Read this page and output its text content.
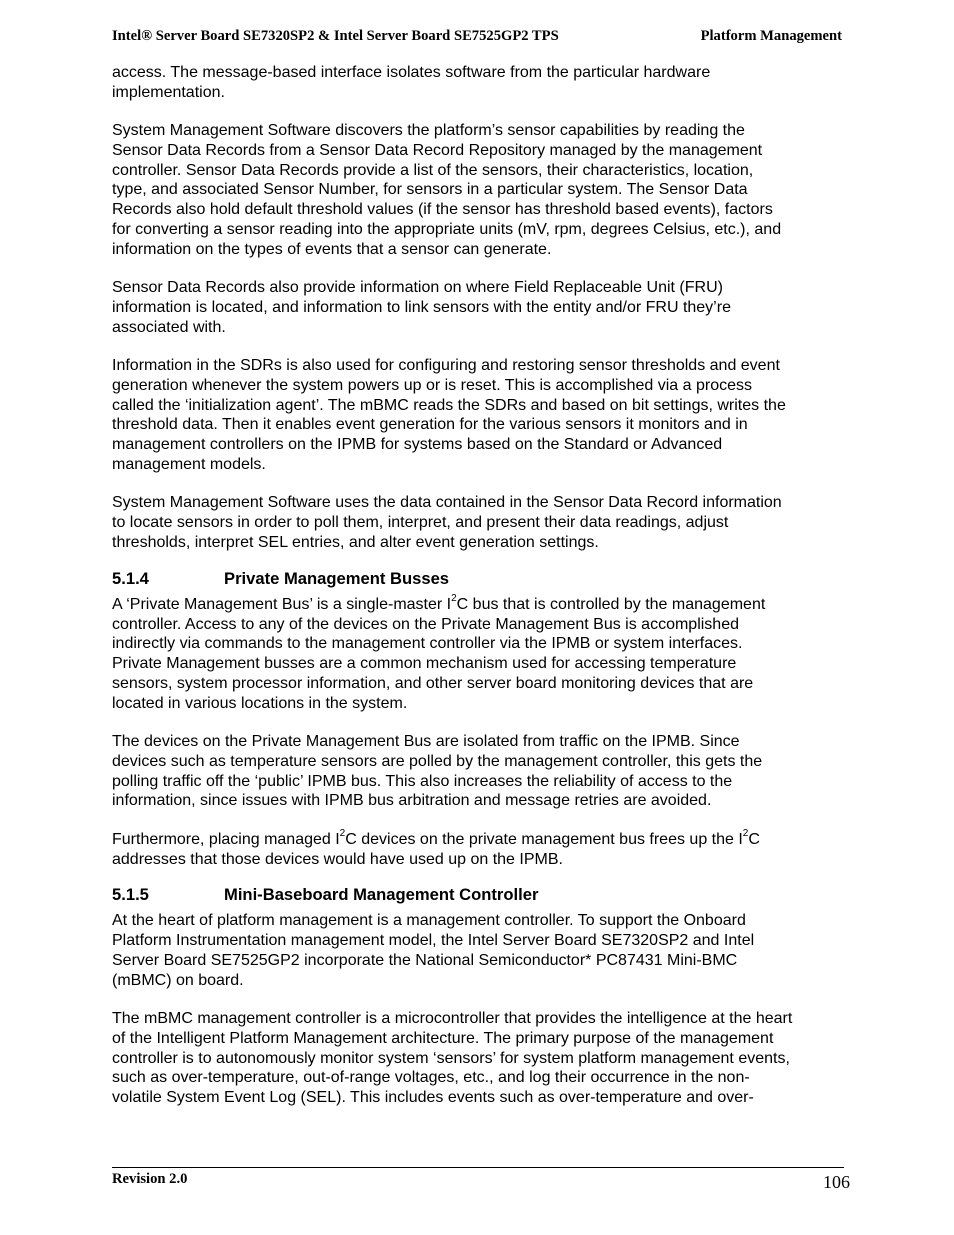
Intel® Server Board SE7320SP2 & Intel Server Board SE7525GP2 TPS	Platform Management

access. The message-based interface isolates software from the particular hardware
implementation.

System Management Software discovers the platform’s sensor capabilities by reading the
Sensor Data Records from a Sensor Data Record Repository managed by the management
controller. Sensor Data Records provide a list of the sensors, their characteristics, location,
type, and associated Sensor Number, for sensors in a particular system. The Sensor Data
Records also hold default threshold values (if the sensor has threshold based events), factors
for converting a sensor reading into the appropriate units (mV, rpm, degrees Celsius, etc.), and
information on the types of events that a sensor can generate.

Sensor Data Records also provide information on where Field Replaceable Unit (FRU)
information is located, and information to link sensors with the entity and/or FRU they’re
associated with.

Information in the SDRs is also used for configuring and restoring sensor thresholds and event
generation whenever the system powers up or is reset. This is accomplished via a process
called the ‘initialization agent’. The mBMC reads the SDRs and based on bit settings, writes the
threshold data. Then it enables event generation for the various sensors it monitors and in
management controllers on the IPMB for systems based on the Standard or Advanced
management models.

System Management Software uses the data contained in the Sensor Data Record information
to locate sensors in order to poll them, interpret, and present their data readings, adjust
thresholds, interpret SEL entries, and alter event generation settings.

5.1.4	Private Management Busses

A ‘Private Management Bus’ is a single-master $I^2C$ bus that is controlled by the management
controller. Access to any of the devices on the Private Management Bus is accomplished
indirectly via commands to the management controller via the IPMB or system interfaces.
Private Management busses are a common mechanism used for accessing temperature
sensors, system processor information, and other server board monitoring devices that are
located in various locations in the system.

The devices on the Private Management Bus are isolated from traffic on the IPMB. Since
devices such as temperature sensors are polled by the management controller, this gets the
polling traffic off the ‘public’ IPMB bus. This also increases the reliability of access to the
information, since issues with IPMB bus arbitration and message retries are avoided.

Furthermore, placing managed $I^2C$ devices on the private management bus frees up the $I^2C$
addresses that those devices would have used up on the IPMB.

5.1.5	Mini-Baseboard Management Controller

At the heart of platform management is a management controller. To support the Onboard
Platform Instrumentation management model, the Intel Server Board SE7320SP2 and Intel
Server Board SE7525GP2 incorporate the National Semiconductor* PC87431 Mini-BMC
(mBMC) on board.

The mBMC management controller is a microcontroller that provides the intelligence at the heart
of the Intelligent Platform Management architecture. The primary purpose of the management
controller is to autonomously monitor system ‘sensors’ for system platform management events,
such as over-temperature, out-of-range voltages, etc., and log their occurrence in the non-
volatile System Event Log (SEL). This includes events such as over-temperature and over-

Revision 2.0	106
